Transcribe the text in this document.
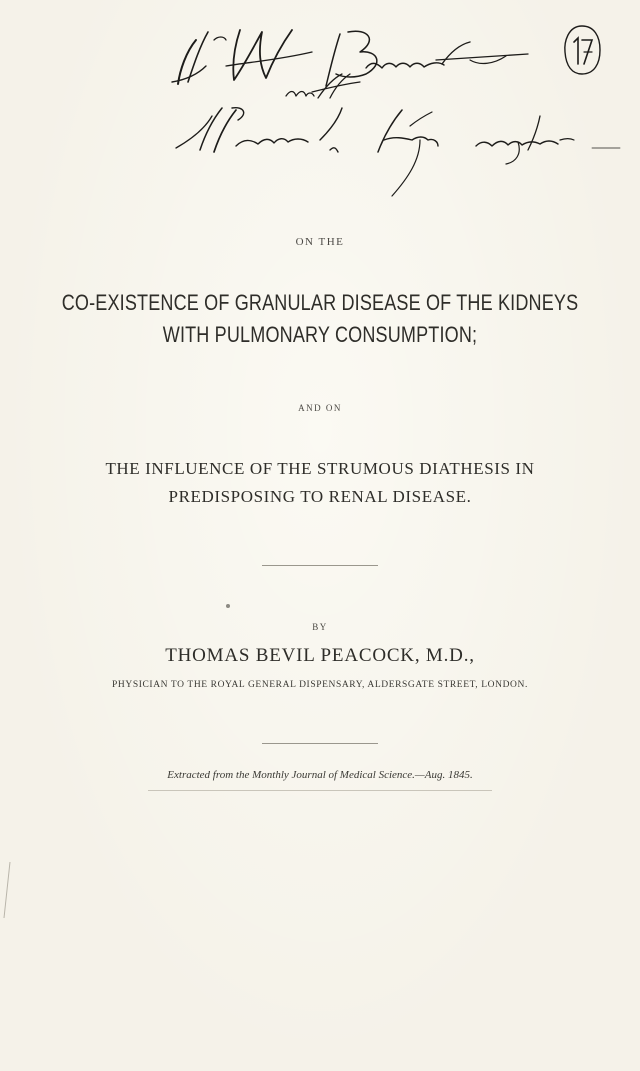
ON THE
CO-EXISTENCE OF GRANULAR DISEASE OF THE KIDNEYS
WITH PULMONARY CONSUMPTION;
AND ON
THE INFLUENCE OF THE STRUMOUS DIATHESIS IN
PREDISPOSING TO RENAL DISEASE.
BY
THOMAS BEVIL PEACOCK, M.D.,
PHYSICIAN TO THE ROYAL GENERAL DISPENSARY, ALDERSGATE STREET, LONDON.
Extracted from the Monthly Journal of Medical Science.—Aug. 1845.
